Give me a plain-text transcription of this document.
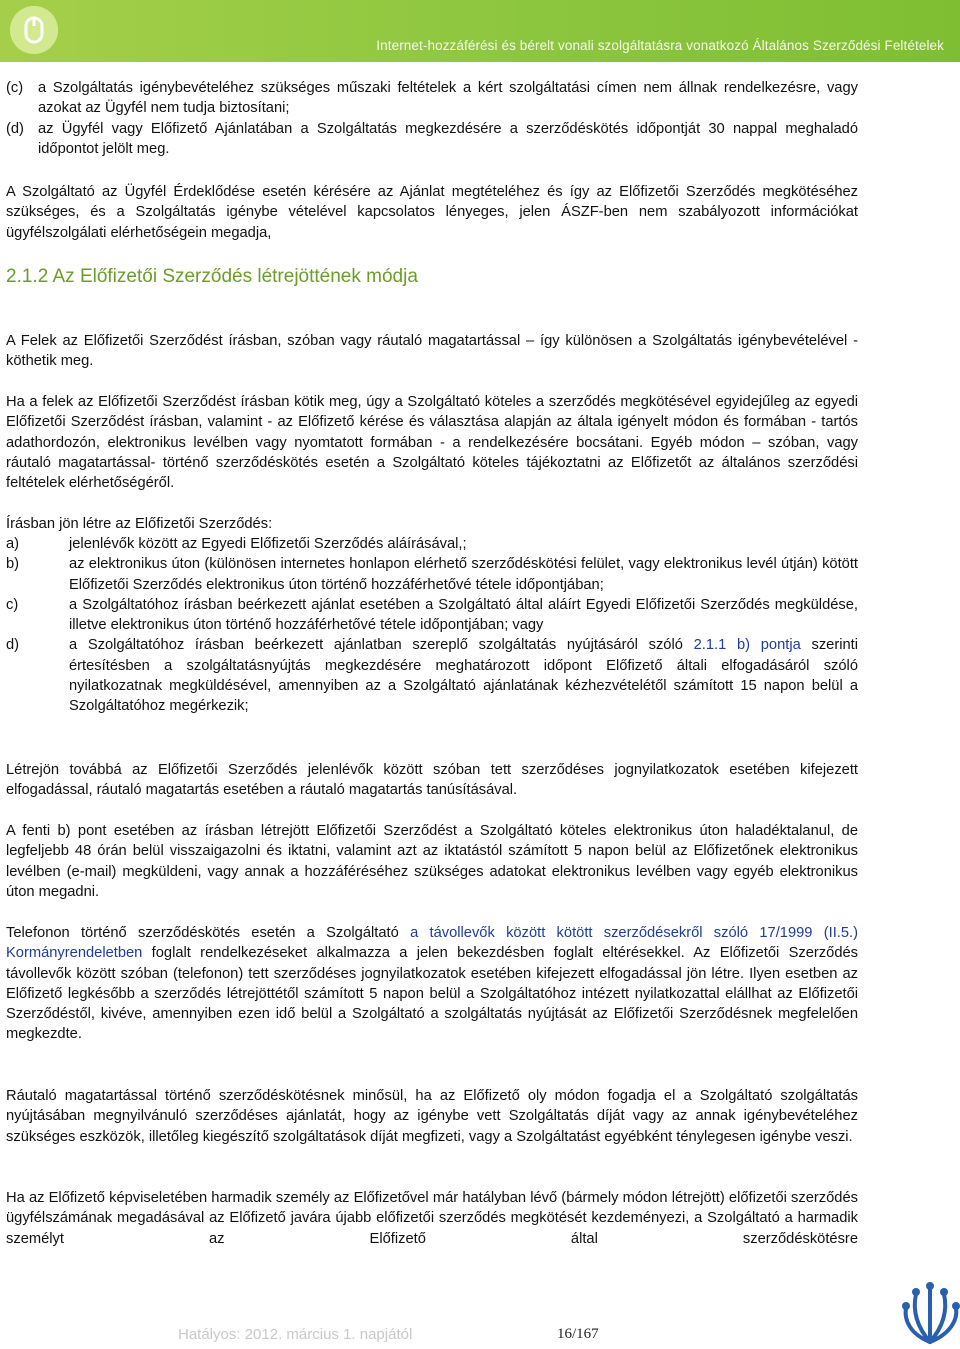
Internet-hozzáférési és bérelt vonali szolgáltatásra vonatkozó Általános Szerződési Feltételek
(c) a Szolgáltatás igénybevételéhez szükséges műszaki feltételek a kért szolgáltatási címen nem állnak rendelkezésre, vagy azokat az Ügyfél nem tudja biztosítani;
(d) az Ügyfél vagy Előfizető Ajánlatában a Szolgáltatás megkezdésére a szerződéskötés időpontját 30 nappal meghaladó időpontot jelölt meg.

A Szolgáltató az Ügyfél Érdeklődése esetén kérésére az Ajánlat megtételéhez és így az Előfizetői Szerződés megkötéséhez szükséges, és a Szolgáltatás igénybe vételével kapcsolatos lényeges, jelen ÁSZF-ben nem szabályozott információkat ügyfélszolgálati elérhetőségein megadja,

2.1.2 Az Előfizetői Szerződés létrejöttének módja

A Felek az Előfizetői Szerződést írásban, szóban vagy ráutaló magatartással – így különösen a Szolgáltatás igénybevételével - köthetik meg.

Ha a felek az Előfizetői Szerződést írásban kötik meg, úgy a Szolgáltató köteles a szerződés megkötésével egyidejűleg az egyedi Előfizetői Szerződést írásban, valamint - az Előfizető kérése és választása alapján az általa igényelt módon és formában - tartós adathordozón, elektronikus levélben vagy nyomtatott formában - a rendelkezésére bocsátani. Egyéb módon – szóban, vagy ráutaló magatartással- történő szerződéskötés esetén a Szolgáltató köteles tájékoztatni az Előfizetőt az általános szerződési feltételek elérhetőségéről.

Írásban jön létre az Előfizetői Szerződés:

a)	jelenlévők között az Egyedi Előfizetői Szerződés aláírásával,;
b)	az elektronikus úton (különösen internetes honlapon elérhető szerződéskötési felület, vagy elektronikus levél útján) kötött Előfizetői Szerződés elektronikus úton történő hozzáférhetővé tétele időpontjában;
c)	a Szolgáltatóhoz írásban beérkezett ajánlat esetében a Szolgáltató által aláírt Egyedi Előfizetői Szerződés megküldése, illetve elektronikus úton történő hozzáférhetővé tétele időpontjában; vagy
d)	a Szolgáltatóhoz írásban beérkezett ajánlatban szereplő szolgáltatás nyújtásáról szóló 2.1.1 b) pontja szerinti értesítésben a szolgáltatásnyújtás megkezdésére meghatározott időpont Előfizető általi elfogadásáról szóló nyilatkozatnak megküldésével, amennyiben az a Szolgáltató ajánlatának kézhezvételétől számított 15 napon belül a Szolgáltatóhoz megérkezik;

Létrejön továbbá az Előfizetői Szerződés jelenlévők között szóban tett szerződéses jognyilatkozatok esetében kifejezett elfogadással, ráutaló magatartás esetében a ráutaló magatartás tanúsításával.

A fenti b) pont esetében az írásban létrejött Előfizetői Szerződést a Szolgáltató köteles elektronikus úton haladéktalanul, de legfeljebb 48 órán belül visszaigazolni és iktatni, valamint azt az iktatástól számított 5 napon belül az Előfizetőnek elektronikus levélben (e-mail) megküldeni, vagy annak a hozzáféréséhez szükséges adatokat elektronikus levélben vagy egyéb elektronikus úton megadni.

Telefonon történő szerződéskötés esetén a Szolgáltató a távollevők között kötött szerződésekről szóló 17/1999 (II.5.) Kormányrendeletben foglalt rendelkezéseket alkalmazza a jelen bekezdésben foglalt eltérésekkel. Az Előfizetői Szerződés távollevők között szóban (telefonon) tett szerződéses jognyilatkozatok esetében kifejezett elfogadással jön létre. Ilyen esetben az Előfizető legkésőbb a szerződés létrejöttétől számított 5 napon belül a Szolgáltatóhoz intézett nyilatkozattal elállhat az Előfizetői Szerződéstől, kivéve, amennyiben ezen idő belül a Szolgáltató a szolgáltatás nyújtását az Előfizetői Szerződésnek megfelelően megkezdte.

Ráutaló magatartással történő szerződéskötésnek minősül, ha az Előfizető oly módon fogadja el a Szolgáltató szolgáltatás nyújtásában megnyilvánuló szerződéses ajánlatát, hogy az igénybe vett Szolgáltatás díját vagy az annak igénybevételéhez szükséges eszközök, illetőleg kiegészítő szolgáltatások díját megfizeti, vagy a Szolgáltatást egyébként ténylegesen igénybe veszi.

Ha az Előfizető képviseletében harmadik személy az Előfizetővel már hatályban lévő (bármely módon létrejött) előfizetői szerződés ügyfélszámának megadásával az Előfizető javára újabb előfizetői szerződés megkötését kezdeményezi, a Szolgáltató a harmadik személyt az Előfizető által szerződéskötésre

Hatályos: 2012. március 1. napjától	16/167
